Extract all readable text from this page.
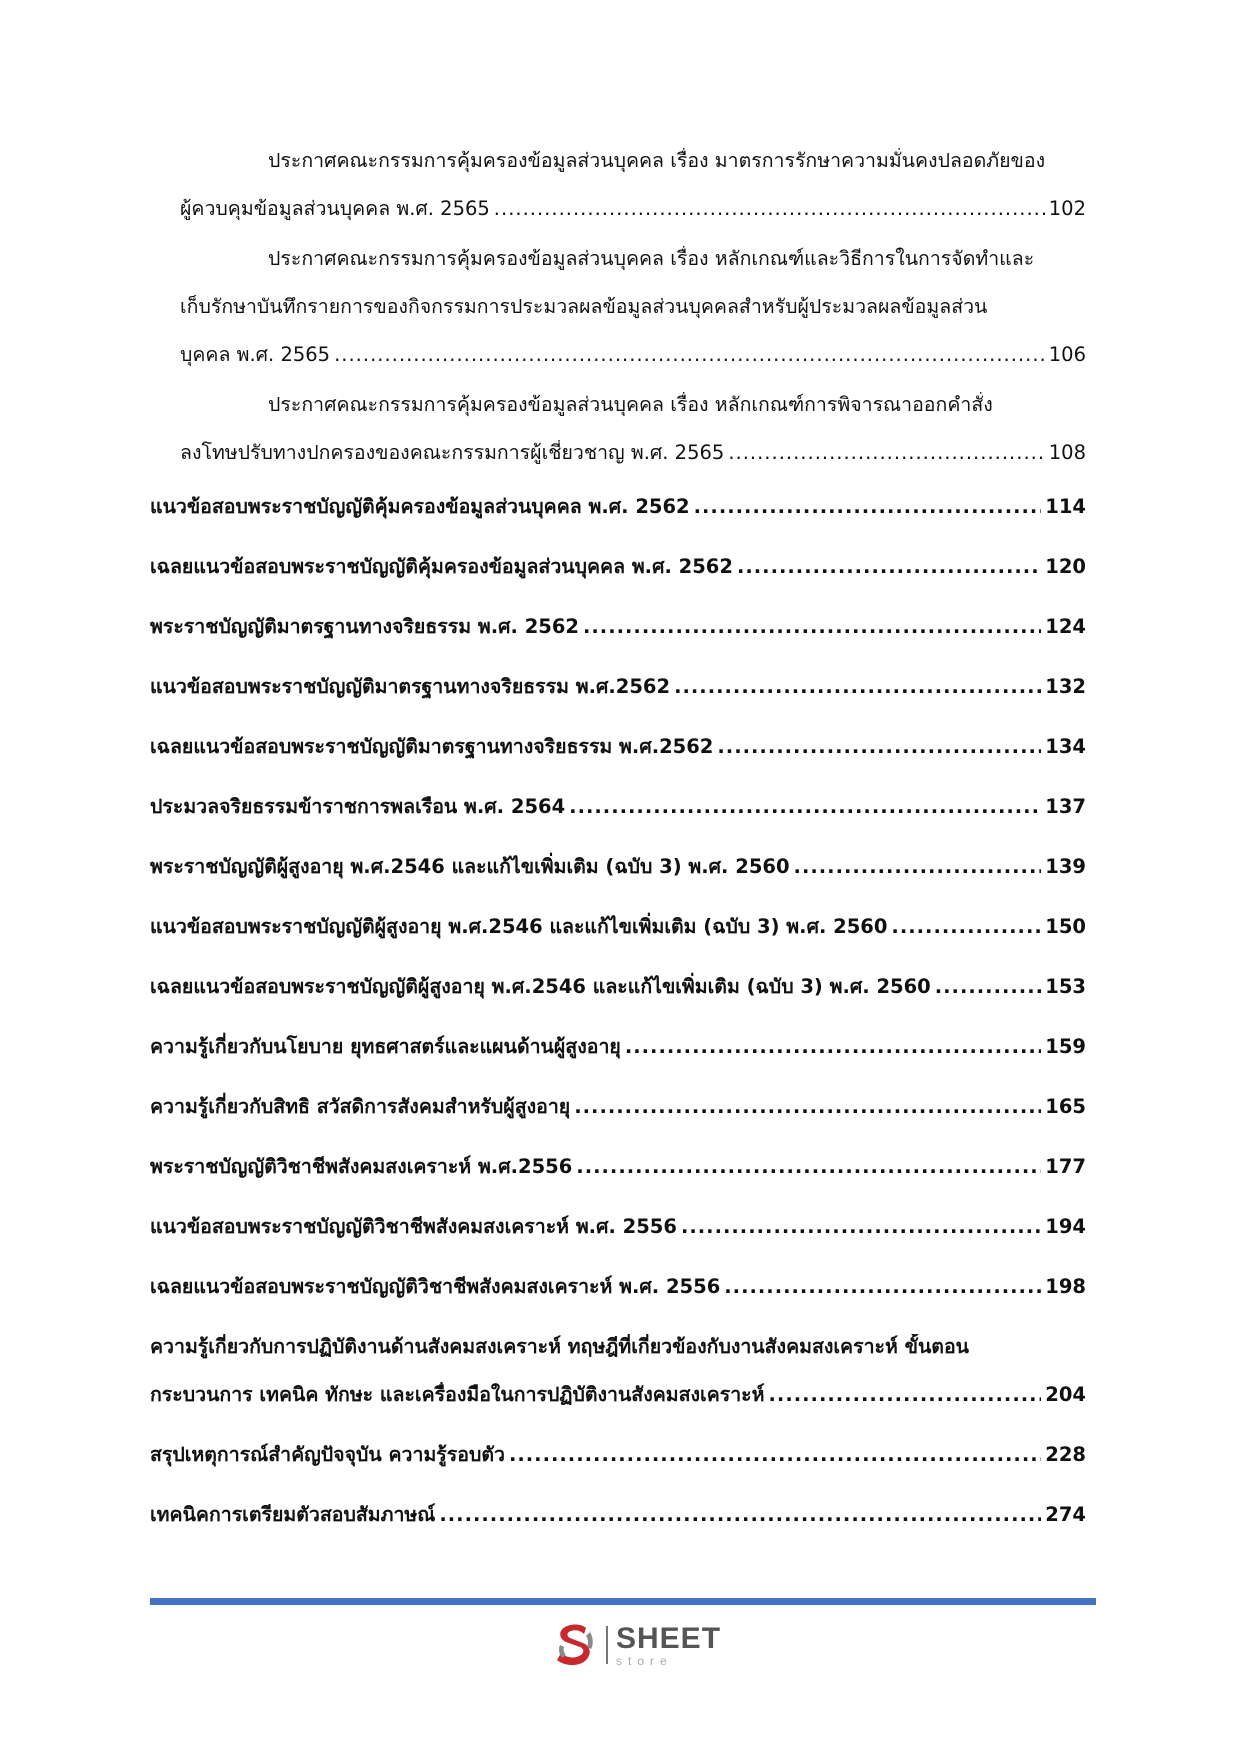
ประกาศคณะกรรมการคุ้มครองข้อมูลส่วนบุคคล เรื่อง มาตรการรักษาความมั่นคงปลอดภัยของ
ผู้ควบคุมข้อมูลส่วนบุคคล พ.ศ. 2565 .....	102
ประกาศคณะกรรมการคุ้มครองข้อมูลส่วนบุคคล เรื่อง หลักเกณฑ์และวิธีการในการจัดทำและ
เก็บรักษาบันทึกรายการของกิจกรรมการประมวลผลข้อมูลส่วนบุคคลสำหรับผู้ประมวลผลข้อมูลส่วน
บุคคล พ.ศ. 2565 .....	106
ประกาศคณะกรรมการคุ้มครองข้อมูลส่วนบุคคล เรื่อง หลักเกณฑ์การพิจารณาออกคำสั่ง
ลงโทษปรับทางปกครองของคณะกรรมการผู้เชี่ยวชาญ พ.ศ. 2565 .....	108
แนวข้อสอบพระราชบัญญัติคุ้มครองข้อมูลส่วนบุคคล พ.ศ. 2562 .....	114
เฉลยแนวข้อสอบพระราชบัญญัติคุ้มครองข้อมูลส่วนบุคคล พ.ศ. 2562 .....	120
พระราชบัญญัติมาตรฐานทางจริยธรรม พ.ศ. 2562 .....	124
แนวข้อสอบพระราชบัญญัติมาตรฐานทางจริยธรรม พ.ศ.2562 .....	132
เฉลยแนวข้อสอบพระราชบัญญัติมาตรฐานทางจริยธรรม พ.ศ.2562 .....	134
ประมวลจริยธรรมข้าราชการพลเรือน พ.ศ. 2564 .....	137
พระราชบัญญัติผู้สูงอายุ พ.ศ.2546 และแก้ไขเพิ่มเติม (ฉบับ 3) พ.ศ. 2560 .....	139
แนวข้อสอบพระราชบัญญัติผู้สูงอายุ พ.ศ.2546 และแก้ไขเพิ่มเติม (ฉบับ 3) พ.ศ. 2560 .....	150
เฉลยแนวข้อสอบพระราชบัญญัติผู้สูงอายุ พ.ศ.2546 และแก้ไขเพิ่มเติม (ฉบับ 3) พ.ศ. 2560 .....	153
ความรู้เกี่ยวกับนโยบาย ยุทธศาสตร์และแผนด้านผู้สูงอายุ .....	159
ความรู้เกี่ยวกับสิทธิ สวัสดิการสังคมสำหรับผู้สูงอายุ .....	165
พระราชบัญญัติวิชาชีพสังคมสงเคราะห์ พ.ศ.2556 .....	177
แนวข้อสอบพระราชบัญญัติวิชาชีพสังคมสงเคราะห์ พ.ศ. 2556 .....	194
เฉลยแนวข้อสอบพระราชบัญญัติวิชาชีพสังคมสงเคราะห์ พ.ศ. 2556 .....	198
ความรู้เกี่ยวกับการปฏิบัติงานด้านสังคมสงเคราะห์ ทฤษฎีที่เกี่ยวข้องกับงานสังคมสงเคราะห์ ขั้นตอน
กระบวนการ เทคนิค ทักษะ และเครื่องมือในการปฏิบัติงานสังคมสงเคราะห์ .....	204
สรุปเหตุการณ์สำคัญปัจจุบัน ความรู้รอบตัว .....	228
เทคนิคการเตรียมตัวสอบสัมภาษณ์ .....	274
SHEET
store
